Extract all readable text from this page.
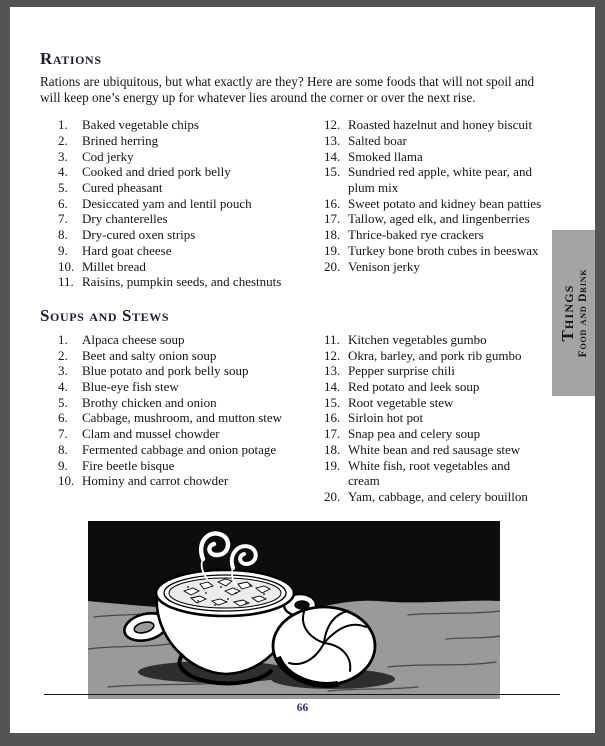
Rations

Rations are ubiquitous, but what exactly are they? Here are some foods that will not spoil and will keep one’s energy up for whatever lies around the corner or over the next rise.

1.	Baked vegetable chips
2.	Brined herring
3.	Cod jerky
4.	Cooked and dried pork belly
5.	Cured pheasant
6.	Desiccated yam and lentil pouch
7.	Dry chanterelles
8.	Dry-cured oxen strips
9.	Hard goat cheese
10. Millet bread
11. Raisins, pumpkin seeds, and chestnuts
12. Roasted hazelnut and honey biscuit
13. Salted boar
14. Smoked llama
15. Sundried red apple, white pear, and plum mix
16. Sweet potato and kidney bean patties
17. Tallow, aged elk, and lingenberries
18. Thrice-baked rye crackers
19. Turkey bone broth cubes in beeswax
20. Venison jerky
Soups and Stews
1.	Alpaca cheese soup
2.	Beet and salty onion soup
3.	Blue potato and pork belly soup
4.	Blue-eye fish stew
5.	Brothy chicken and onion
6.	Cabbage, mushroom, and mutton stew
7.	Clam and mussel chowder
8.	Fermented cabbage and onion potage
9.	Fire beetle bisque
10. Hominy and carrot chowder
11. Kitchen vegetables gumbo
12. Okra, barley, and pork rib gumbo
13. Pepper surprise chili
14. Red potato and leek soup
15. Root vegetable stew
16. Sirloin hot pot
17. Snap pea and celery soup
18. White bean and red sausage stew
19. White fish, root vegetables and cream
20. Yam, cabbage, and celery bouillon
66
Things Food and Drink
